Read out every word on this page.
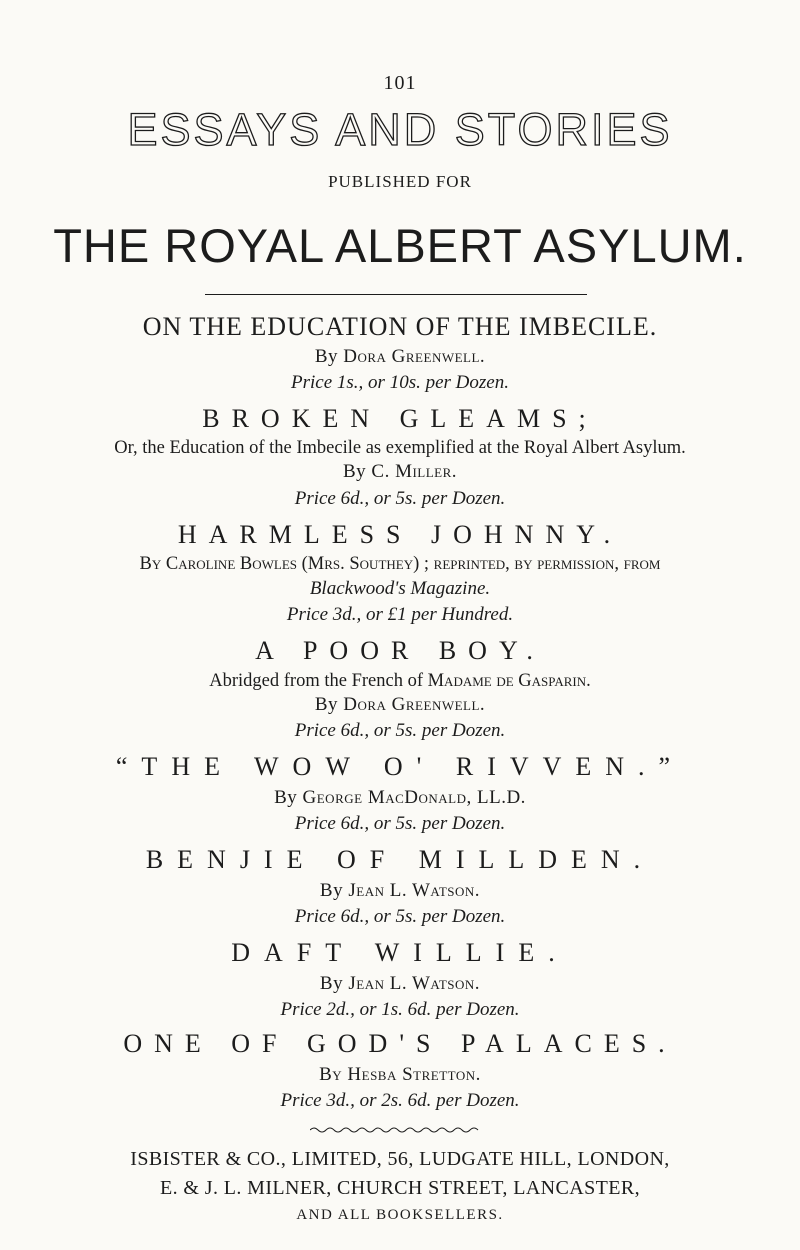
101
ESSAYS AND STORIES
PUBLISHED FOR
THE ROYAL ALBERT ASYLUM.
ON THE EDUCATION OF THE IMBECILE.
By Dora Greenwell.
Price 1s., or 10s. per Dozen.
BROKEN GLEAMS;
Or, the Education of the Imbecile as exemplified at the Royal Albert Asylum.
By C. Miller.
Price 6d., or 5s. per Dozen.
HARMLESS JOHNNY.
By Caroline Bowles (Mrs. Southey) ; reprinted, by permission, from
Blackwood's Magazine.
Price 3d., or £1 per Hundred.
A POOR BOY.
Abridged from the French of Madame de Gasparin.
By Dora Greenwell.
Price 6d., or 5s. per Dozen.
“THE WOW O' RIVVEN.”
By George MacDonald, LL.D.
Price 6d., or 5s. per Dozen.
BENJIE OF MILLDEN.
By Jean L. Watson.
Price 6d., or 5s. per Dozen.
DAFT WILLIE.
By Jean L. Watson.
Price 2d., or 1s. 6d. per Dozen.
ONE OF GOD'S PALACES.
By Hesba Stretton.
Price 3d., or 2s. 6d. per Dozen.
ISBISTER & CO., LIMITED, 56, LUDGATE HILL, LONDON,
E. & J. L. MILNER, CHURCH STREET, LANCASTER,
AND ALL BOOKSELLERS.
